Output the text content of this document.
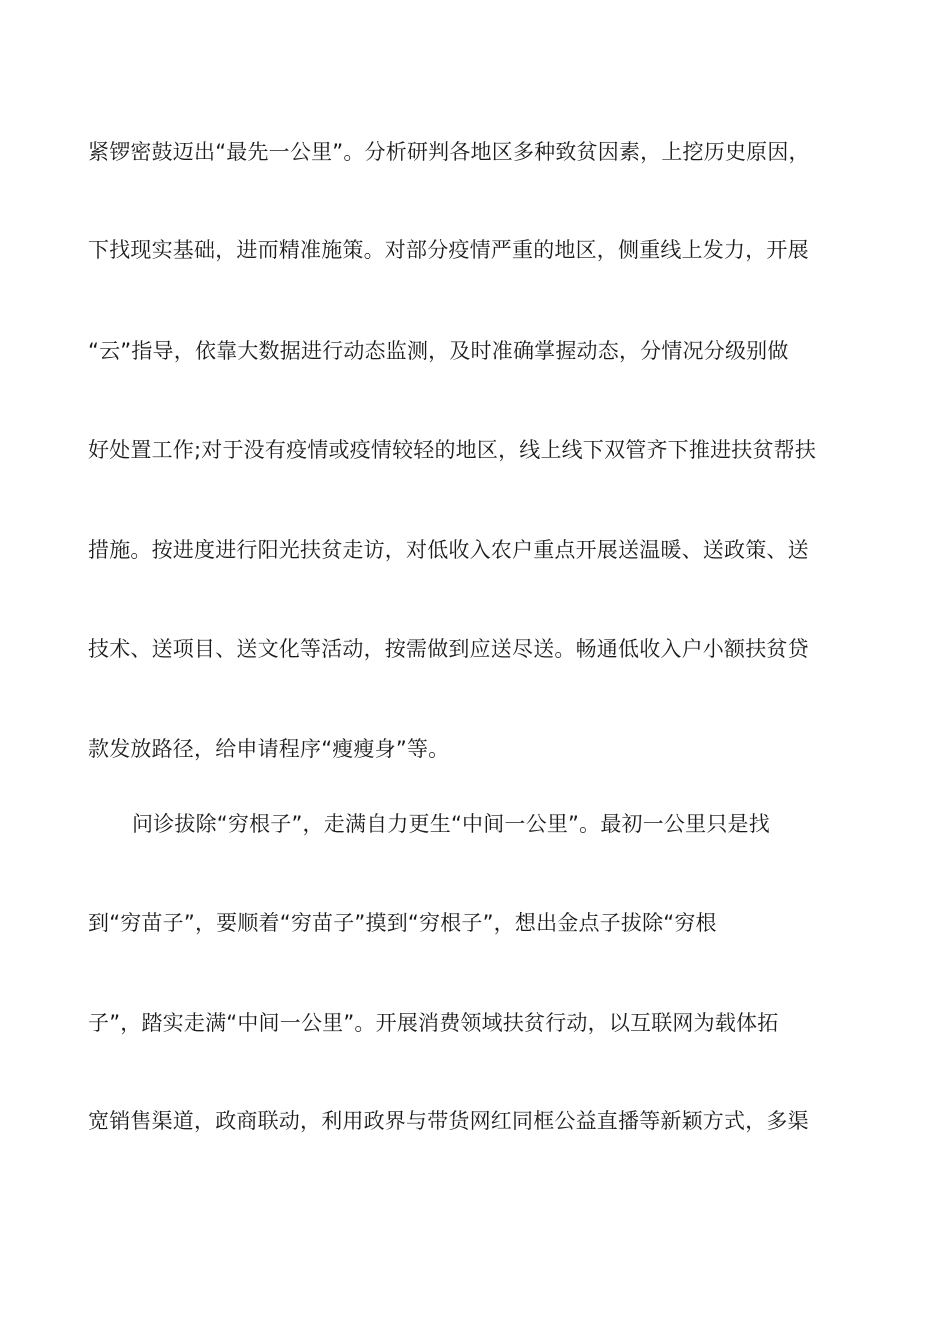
紧锣密鼓迈出“最先一公里”。分析研判各地区多种致贫因素，上挖历史原因，

下找现实基础，进而精准施策。对部分疫情严重的地区，侧重线上发力，开展

“云”指导，依靠大数据进行动态监测，及时准确掌握动态，分情况分级别做

好处置工作;对于没有疫情或疫情较轻的地区，线上线下双管齐下推进扶贫帮扶

措施。按进度进行阳光扶贫走访，对低收入农户重点开展送温暖、送政策、送

技术、送项目、送文化等活动，按需做到应送尽送。畅通低收入户小额扶贫贷

款发放路径，给申请程序“瘦瘦身”等。

问诊拔除“穷根子”，走满自力更生“中间一公里”。最初一公里只是找

到“穷苗子”，要顺着“穷苗子”摸到“穷根子”，想出金点子拔除“穷根

子”，踏实走满“中间一公里”。开展消费领域扶贫行动，以互联网为载体拓

宽销售渠道，政商联动，利用政界与带货网红同框公益直播等新颖方式，多渠
